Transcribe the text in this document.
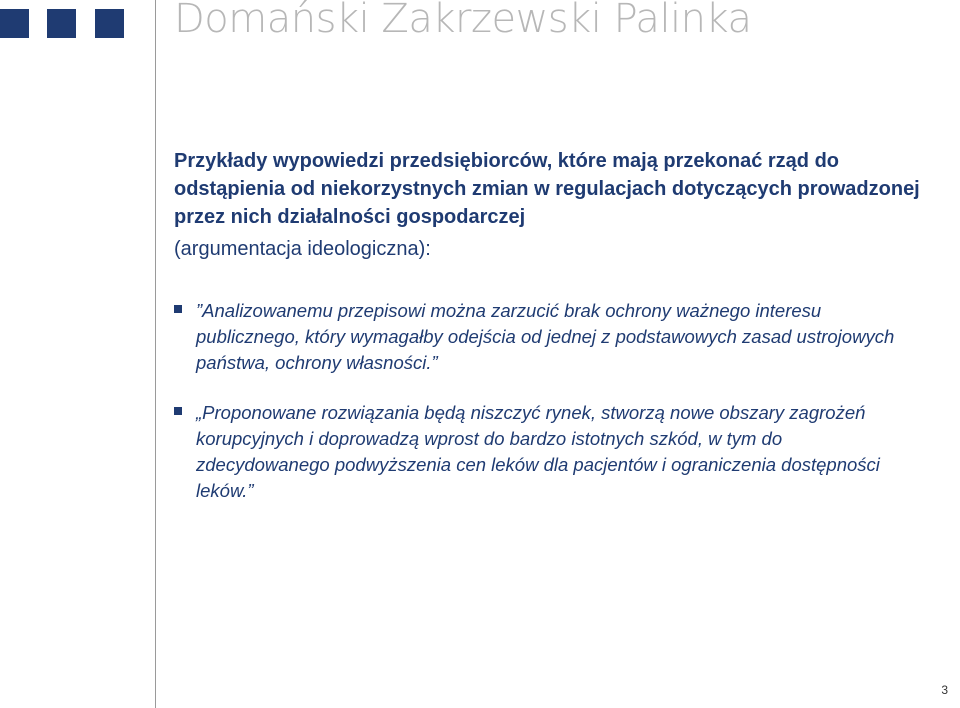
Domański Zakrzewski Palinka
Przykłady wypowiedzi przedsiębiorców, które mają przekonać rząd do odstąpienia od niekorzystnych zmian w regulacjach dotyczących prowadzonej przez nich działalności gospodarczej
(argumentacja ideologiczna):
”Analizowanemu przepisowi można zarzucić brak ochrony ważnego interesu publicznego, który wymagałby odejścia od jednej z podstawowych zasad ustrojowych państwa, ochrony własności.”
„Proponowane rozwiązania będą niszczyć rynek, stworzą nowe obszary zagrożeń korupcyjnych i doprowadzą wprost do bardzo istotnych szkód, w tym do zdecydowanego podwyższenia cen leków dla pacjentów i ograniczenia dostępności leków.”
3
